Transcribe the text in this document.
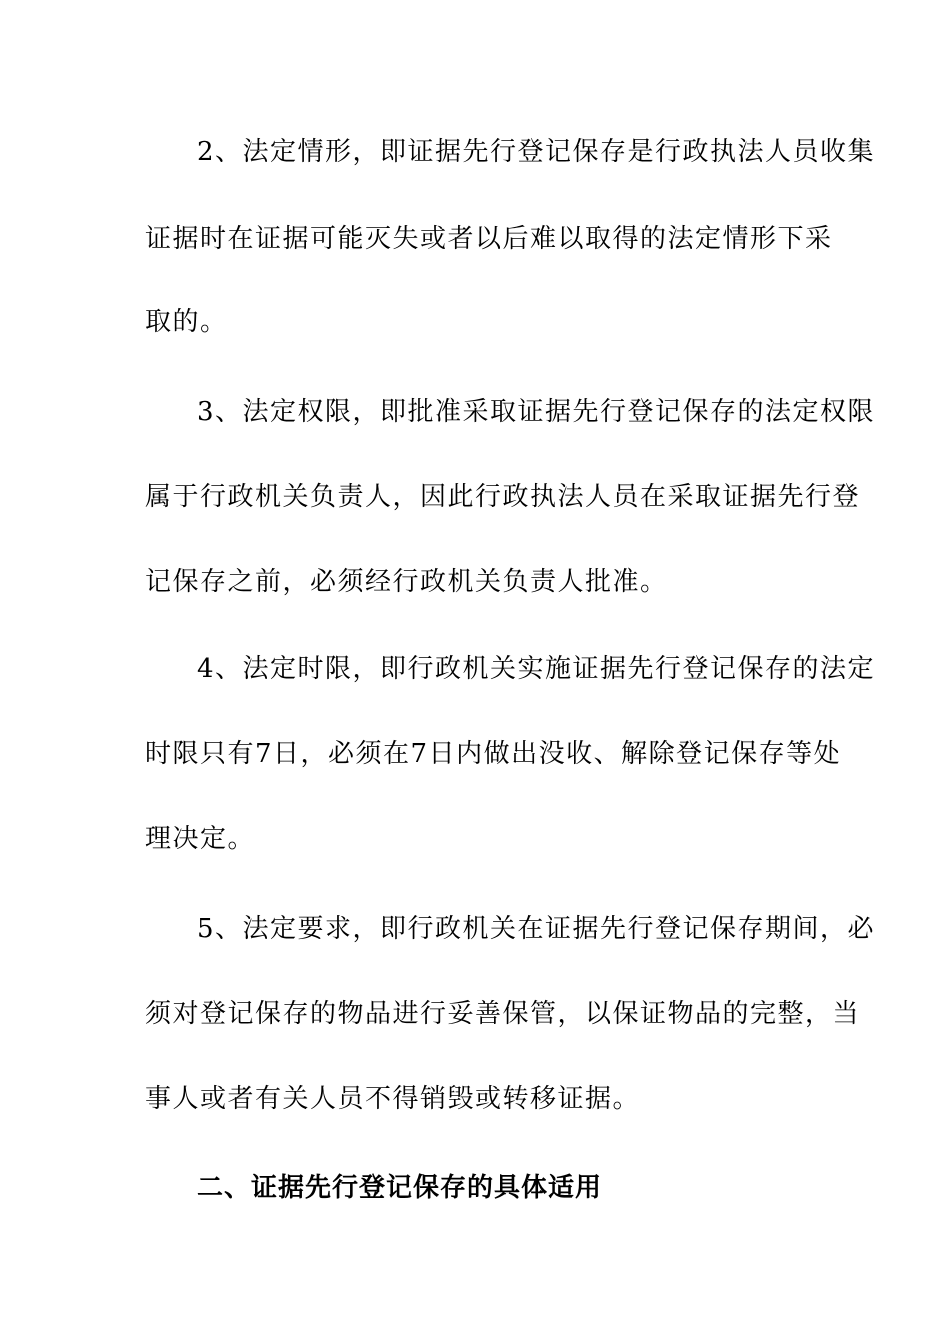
2、法定情形，即证据先行登记保存是行政执法人员收集
证据时在证据可能灭失或者以后难以取得的法定情形下采
取的。
3、法定权限，即批准采取证据先行登记保存的法定权限
属于行政机关负责人，因此行政执法人员在采取证据先行登
记保存之前，必须经行政机关负责人批准。
4、法定时限，即行政机关实施证据先行登记保存的法定
时限只有7日，必须在7日内做出没收、解除登记保存等处
理决定。
5、法定要求，即行政机关在证据先行登记保存期间，必
须对登记保存的物品进行妥善保管，以保证物品的完整，当
事人或者有关人员不得销毁或转移证据。
二、证据先行登记保存的具体适用
